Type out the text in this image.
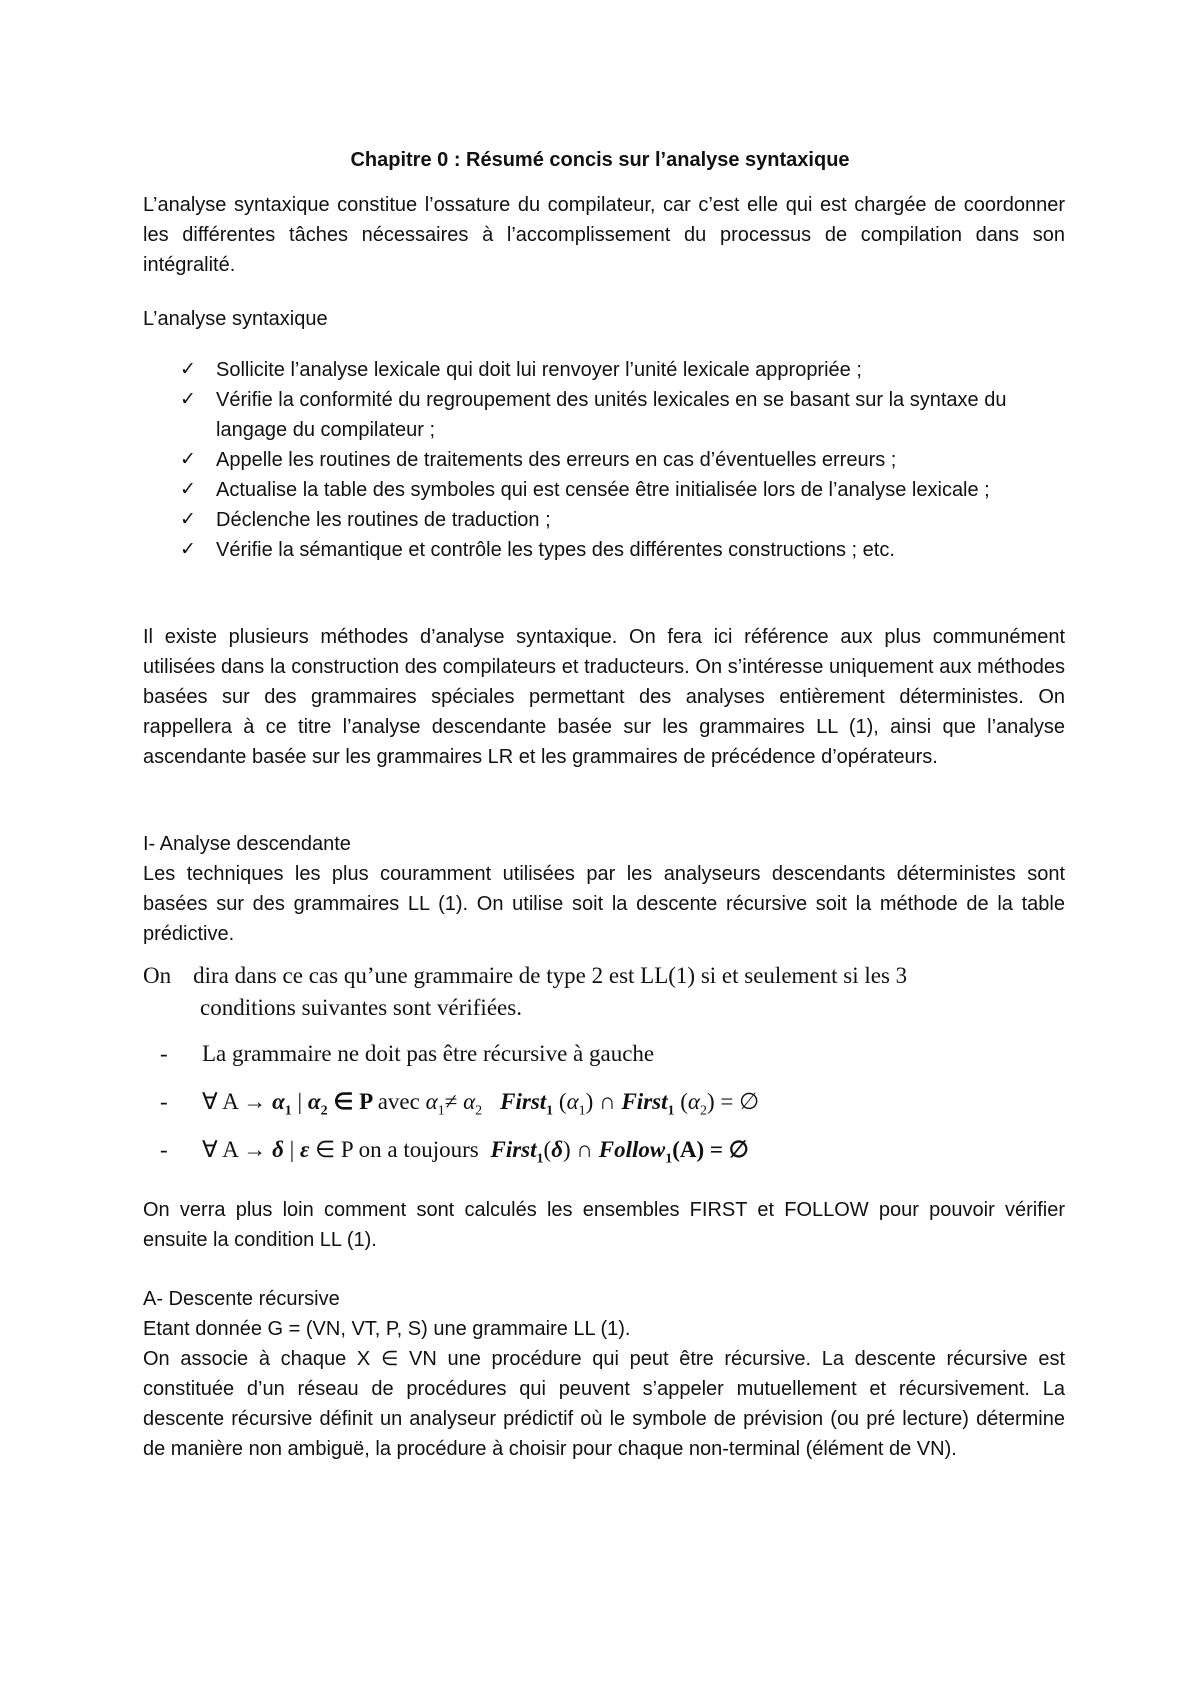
Chapitre 0 : Résumé concis sur l’analyse syntaxique

L’analyse syntaxique constitue l’ossature du compilateur, car c’est elle qui est chargée de coordonner les différentes tâches nécessaires à l’accomplissement du processus de compilation dans son intégralité.

L’analyse syntaxique

✓ Sollicite l’analyse lexicale qui doit lui renvoyer l’unité lexicale appropriée ;
✓ Vérifie la conformité du regroupement des unités lexicales en se basant sur la syntaxe du langage du compilateur ;
✓ Appelle les routines de traitements des erreurs en cas d’éventuelles erreurs ;
✓ Actualise la table des symboles qui est censée être initialisée lors de l’analyse lexicale ;
✓ Déclenche les routines de traduction ;
✓ Vérifie la sémantique et contrôle les types des différentes constructions ; etc.

Il existe plusieurs méthodes d’analyse syntaxique. On fera ici référence aux plus communément utilisées dans la construction des compilateurs et traducteurs. On s’intéresse uniquement aux méthodes basées sur des grammaires spéciales permettant des analyses entièrement déterministes. On rappellera à ce titre l’analyse descendante basée sur les grammaires LL (1), ainsi que l’analyse ascendante basée sur les grammaires LR et les grammaires de précédence d’opérateurs.

I- Analyse descendante

Les techniques les plus couramment utilisées par les analyseurs descendants déterministes sont basées sur des grammaires LL (1). On utilise soit la descente récursive soit la méthode de la table prédictive.

On dira dans ce cas qu’une grammaire de type 2 est LL(1) si et seulement si les 3
conditions suivantes sont vérifiées.
- La grammaire ne doit pas être récursive à gauche
- ∀ $A \to \alpha_1$ | $\alpha_2$ ∈ P avec $\alpha_1\ne \alpha_2$ First$_1$ $(\alpha_1)$ ∩ First$_1$ $(\alpha_2)$ = ∅
- ∀ A → δ | ε ∈ P on a toujours First$_1$(δ) ∩ Follow$_1$(A) = ∅

On verra plus loin comment sont calculés les ensembles FIRST et FOLLOW pour pouvoir vérifier ensuite la condition LL (1).

A- Descente récursive

Etant donnée G = (VN, VT, P, S) une grammaire LL (1).

On associe à chaque X ∈ VN une procédure qui peut être récursive. La descente récursive est constituée d’un réseau de procédures qui peuvent s’appeler mutuellement et récursivement. La descente récursive définit un analyseur prédictif où le symbole de prévision (ou pré lecture) détermine de manière non ambiguë, la procédure à choisir pour chaque non-terminal (élément de VN).
